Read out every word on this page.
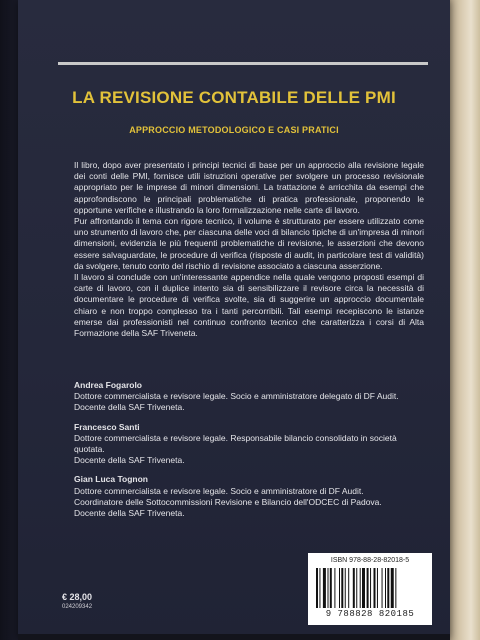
LA REVISIONE CONTABILE DELLE PMI
APPROCCIO METODOLOGICO E CASI PRATICI

Il libro, dopo aver presentato i principi tecnici di base per un approccio alla revisione legale dei conti delle PMI, fornisce utili istruzioni operative per svolgere un processo revisionale appropriato per le imprese di minori dimensioni. La trattazione è arricchita da esempi che approfondiscono le principali problematiche di pratica professionale, proponendo le opportune verifiche e illustrando la loro formalizzazione nelle carte di lavoro.

Pur affrontando il tema con rigore tecnico, il volume è strutturato per essere utilizzato come uno strumento di lavoro che, per ciascuna delle voci di bilancio tipiche di un'impresa di minori dimensioni, evidenzia le più frequenti problematiche di revisione, le asserzioni che devono essere salvaguardate, le procedure di verifica (risposte di audit, in particolare test di validità) da svolgere, tenuto conto del rischio di revisione associato a ciascuna asserzione.

Il lavoro si conclude con un'interessante appendice nella quale vengono proposti esempi di carte di lavoro, con il duplice intento sia di sensibilizzare il revisore circa la necessità di documentare le procedure di verifica svolte, sia di suggerire un approccio documentale chiaro e non troppo complesso tra i tanti percorribili. Tali esempi recepiscono le istanze emerse dai professionisti nel continuo confronto tecnico che caratterizza i corsi di Alta Formazione della SAF Triveneta.

Andrea Fogarolo
Dottore commercialista e revisore legale. Socio e amministratore delegato di DF Audit.
Docente della SAF Triveneta.
Francesco Santi
Dottore commercialista e revisore legale. Responsabile bilancio consolidato in società quotata.
Docente della SAF Triveneta.
Gian Luca Tognon
Dottore commercialista e revisore legale. Socio e amministratore di DF Audit.
Coordinatore delle Sottocommissioni Revisione e Bilancio dell'ODCEC di Padova.
Docente della SAF Triveneta.
ISBN 978-88-28-82018-5
9 788828 820185
€ 28,00
024209342
